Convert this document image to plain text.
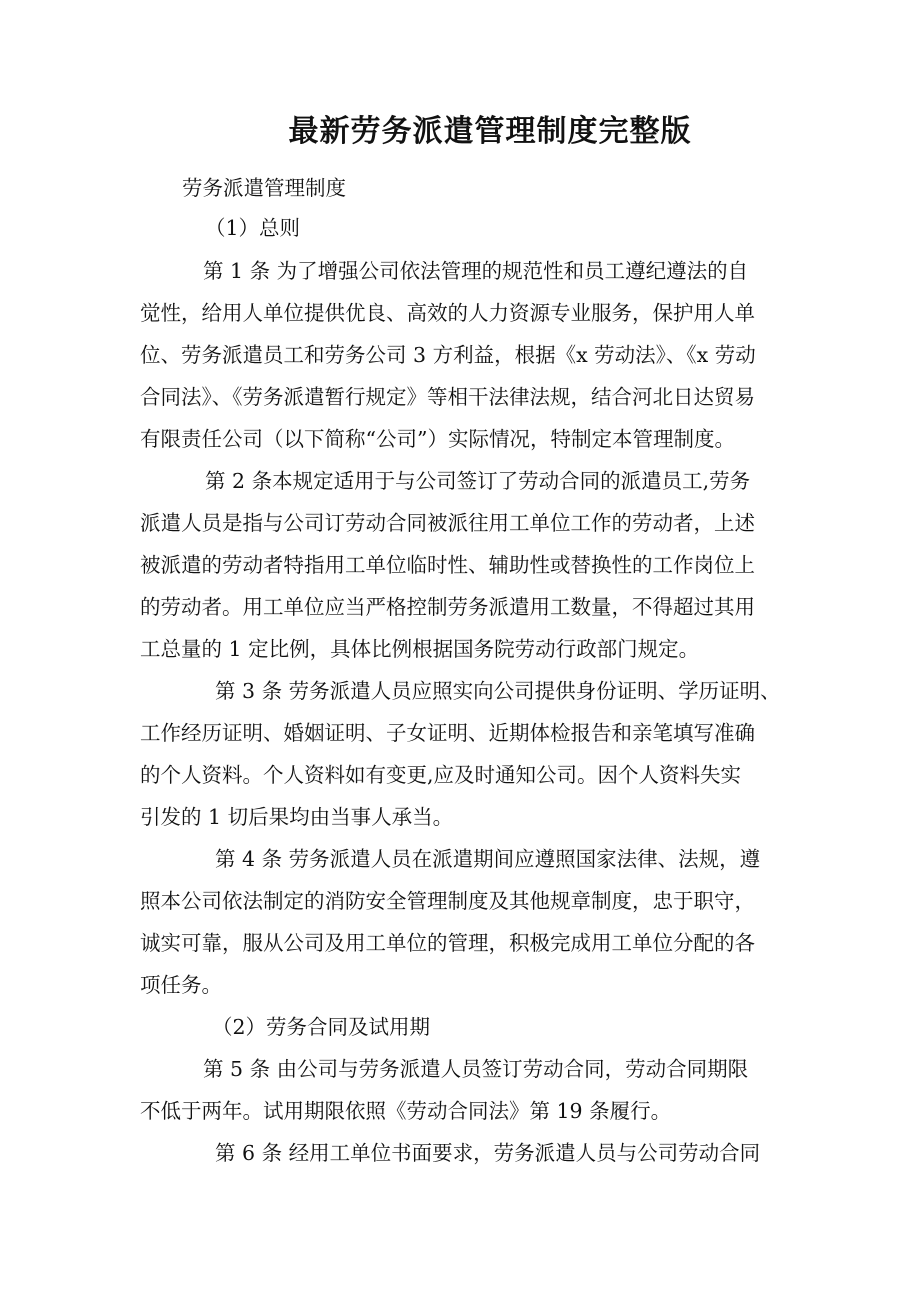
最新劳务派遣管理制度完整版

劳务派遣管理制度

（1）总则

第 1 条 为了增强公司依法管理的规范性和员工遵纪遵法的自

觉性，给用人单位提供优良、高效的人力资源专业服务，保护用人单

位、劳务派遣员工和劳务公司 3 方利益，根据《x 劳动法》、《x 劳动

合同法》、《劳务派遣暂行规定》等相干法律法规，结合河北日达贸易

有限责任公司（以下简称“公司”）实际情况，特制定本管理制度。

第 2 条本规定适用于与公司签订了劳动合同的派遣员工,劳务

派遣人员是指与公司订劳动合同被派往用工单位工作的劳动者，上述

被派遣的劳动者特指用工单位临时性、辅助性或替换性的工作岗位上

的劳动者。用工单位应当严格控制劳务派遣用工数量，不得超过其用

工总量的 1 定比例，具体比例根据国务院劳动行政部门规定。

第 3 条 劳务派遣人员应照实向公司提供身份证明、学历证明、

工作经历证明、婚姻证明、子女证明、近期体检报告和亲笔填写准确

的个人资料。个人资料如有变更,应及时通知公司。因个人资料失实

引发的 1 切后果均由当事人承当。

第 4 条 劳务派遣人员在派遣期间应遵照国家法律、法规，遵

照本公司依法制定的消防安全管理制度及其他规章制度，忠于职守，

诚实可靠，服从公司及用工单位的管理，积极完成用工单位分配的各

项任务。

（2）劳务合同及试用期

第 5 条 由公司与劳务派遣人员签订劳动合同，劳动合同期限

不低于两年。试用期限依照《劳动合同法》第 19 条履行。

第 6 条 经用工单位书面要求，劳务派遣人员与公司劳动合同
